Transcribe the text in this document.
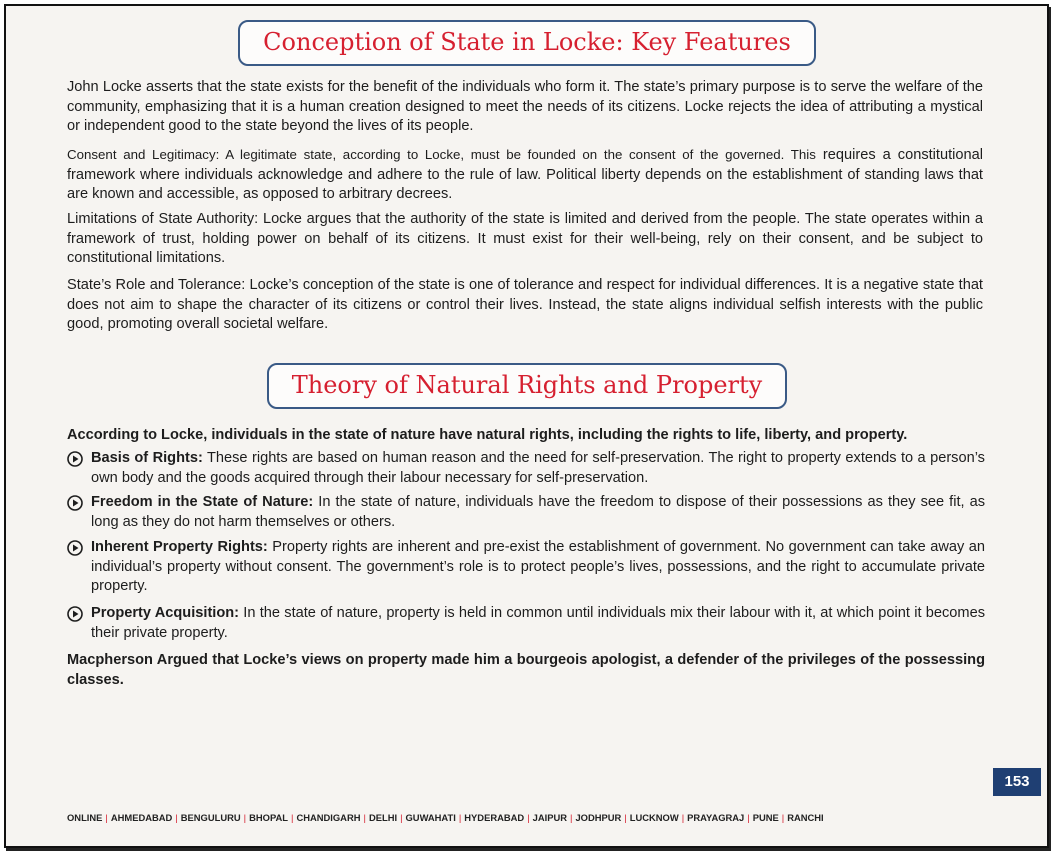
Conception of State in Locke: Key Features
John Locke asserts that the state exists for the benefit of the individuals who form it. The state’s primary purpose is to serve the welfare of the community, emphasizing that it is a human creation designed to meet the needs of its citizens. Locke rejects the idea of attributing a mystical or independent good to the state beyond the lives of its people.
Consent and Legitimacy: A legitimate state, according to Locke, must be founded on the consent of the governed. This requires a constitutional framework where individuals acknowledge and adhere to the rule of law. Political liberty depends on the establishment of standing laws that are known and accessible, as opposed to arbitrary decrees.
Limitations of State Authority: Locke argues that the authority of the state is limited and derived from the people. The state operates within a framework of trust, holding power on behalf of its citizens. It must exist for their well-being, rely on their consent, and be subject to constitutional limitations.
State’s Role and Tolerance: Locke’s conception of the state is one of tolerance and respect for individual differences. It is a negative state that does not aim to shape the character of its citizens or control their lives. Instead, the state aligns individual selfish interests with the public good, promoting overall societal welfare.
Theory of Natural Rights and Property
According to Locke, individuals in the state of nature have natural rights, including the rights to life, liberty, and property.
Basis of Rights: These rights are based on human reason and the need for self-preservation. The right to property extends to a person’s own body and the goods acquired through their labour necessary for self-preservation.
Freedom in the State of Nature: In the state of nature, individuals have the freedom to dispose of their possessions as they see fit, as long as they do not harm themselves or others.
Inherent Property Rights: Property rights are inherent and pre-exist the establishment of government. No government can take away an individual’s property without consent. The government’s role is to protect people’s lives, possessions, and the right to accumulate private property.
Property Acquisition: In the state of nature, property is held in common until individuals mix their labour with it, at which point it becomes their private property.
Macpherson Argued that Locke’s views on property made him a bourgeois apologist, a defender of the privileges of the possessing classes.
153
ONLINE | AHMEDABAD | BENGULURU | BHOPAL | CHANDIGARH | DELHI | GUWAHATI | HYDERABAD | JAIPUR | JODHPUR | LUCKNOW | PRAYAGRAJ | PUNE | RANCHI
